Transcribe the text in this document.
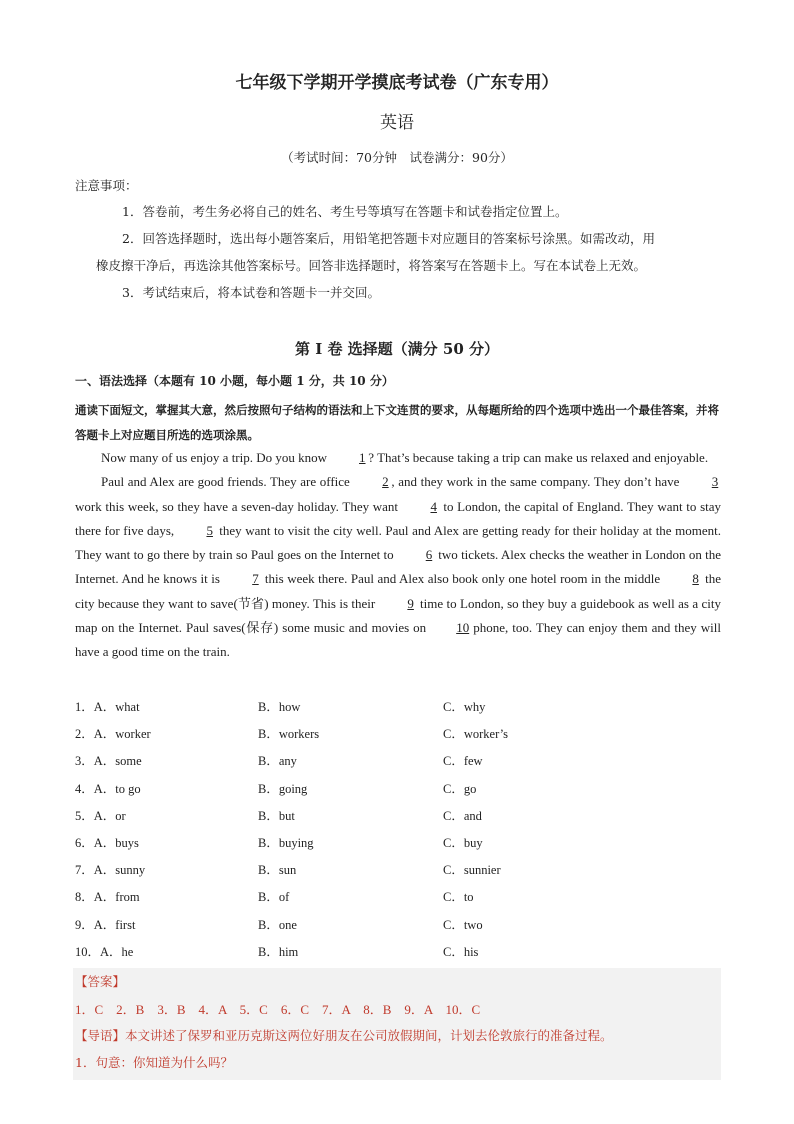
七年级下学期开学摸底考试卷（广东专用）
英语
（考试时间：70分钟　试卷满分：90分）
注意事项：
1．答卷前，考生务必将自己的姓名、考生号等填写在答题卡和试卷指定位置上。
2．回答选择题时，选出每小题答案后，用铅笔把答题卡对应题目的答案标号涂黑。如需改动，用
橡皮擦干净后，再选涂其他答案标号。回答非选择题时，将答案写在答题卡上。写在本试卷上无效。
3．考试结束后，将本试卷和答题卡一并交回。
第 I 卷 选择题（满分 50 分）
一、语法选择（本题有 10 小题，每小题 1 分，共 10 分）
通读下面短文，掌握其大意，然后按照句子结构的语法和上下文连贯的要求，从每题所给的四个选项中选出一个最佳答案，并将答题卡上对应题目所选的选项涂黑。

Now many of us enjoy a trip. Do you know 1 ? That’s because taking a trip can make us relaxed and enjoyable.

Paul and Alex are good friends. They are office 2 , and they work in the same company. They don’t have 3 work this week, so they have a seven-day holiday. They want 4 to London, the capital of England. They want to stay there for five days, 5 they want to visit the city well. Paul and Alex are getting ready for their holiday at the moment. They want to go there by train so Paul goes on the Internet to 6 two tickets. Alex checks the weather in London on the Internet. And he knows it is 7 this week there. Paul and Alex also book only one hotel room in the middle 8 the city because they want to save(节省) money. This is their 9 time to London, so they buy a guidebook as well as a city map on the Internet. Paul saves(保存) some music and movies on 10 phone, too. They can enjoy them and they will have a good time on the train.

1．A．what	B．how	C．why
2．A．worker	B．workers	C．worker’s
3．A．some	B．any	C．few
4．A．to go	B．going	C．go
5．A．or	B．but	C．and
6．A．buys	B．buying	C．buy
7．A．sunny	B．sun	C．sunnier
8．A．from	B．of	C．to
9．A．first	B．one	C．two
10．A．he	B．him	C．his
【答案】
1．C　2．B　3．B　4．A　5．C　6．C　7．A　8．B　9．A　10．C
【导语】本文讲述了保罗和亚历克斯这两位好朋友在公司放假期间，计划去伦敦旅行的准备过程。
1．句意：你知道为什么吗？
